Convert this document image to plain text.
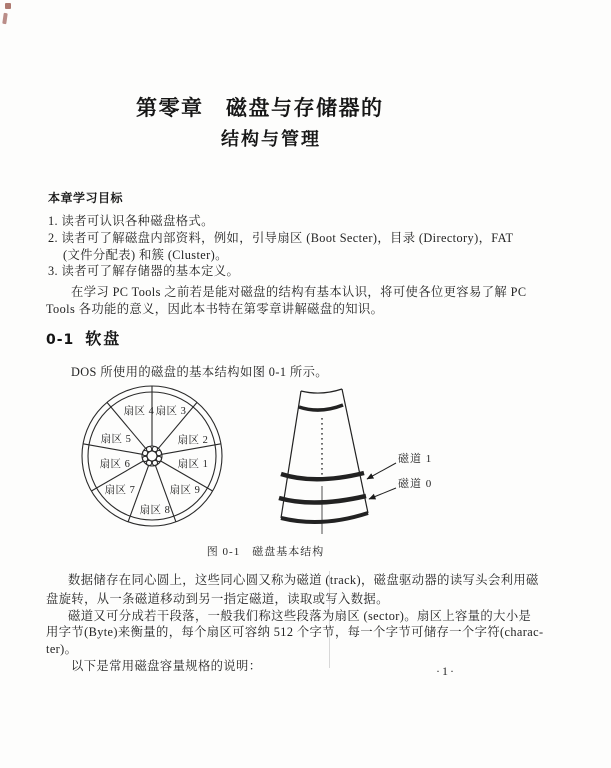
第零章　磁盘与存储器的
结构与管理
本章学习目标
1. 读者可认识各种磁盘格式。
2. 读者可了解磁盘内部资料，例如，引导扇区 (Boot Secter)，目录 (Directory)，FAT
(文件分配表) 和簇 (Cluster)。
3. 读者可了解存储器的基本定义。
在学习 PC Tools 之前若是能对磁盘的结构有基本认识，将可使各位更容易了解 PC
Tools 各功能的意义，因此本书特在第零章讲解磁盘的知识。
0-1 软盘
DOS 所使用的磁盘的基本结构如图 0-1 所示。
扇区 1
扇区 2
扇区 3
扇区 4
扇区 5
扇区 6
扇区 7
扇区 8
扇区 9
磁道 1
磁道 0
图 0-1　磁盘基本结构
数据储存在同心圆上，这些同心圆又称为磁道 (track)，磁盘驱动器的读写头会利用磁
盘旋转，从一条磁道移动到另一指定磁道，读取或写入数据。
磁道又可分成若干段落，一般我们称这些段落为扇区 (sector)。扇区上容量的大小是
用字节(Byte)来衡量的，每个扇区可容纳 512 个字节，每一个字节可储存一个字符(charac-
ter)。
以下是常用磁盘容量规格的说明：	·1·
